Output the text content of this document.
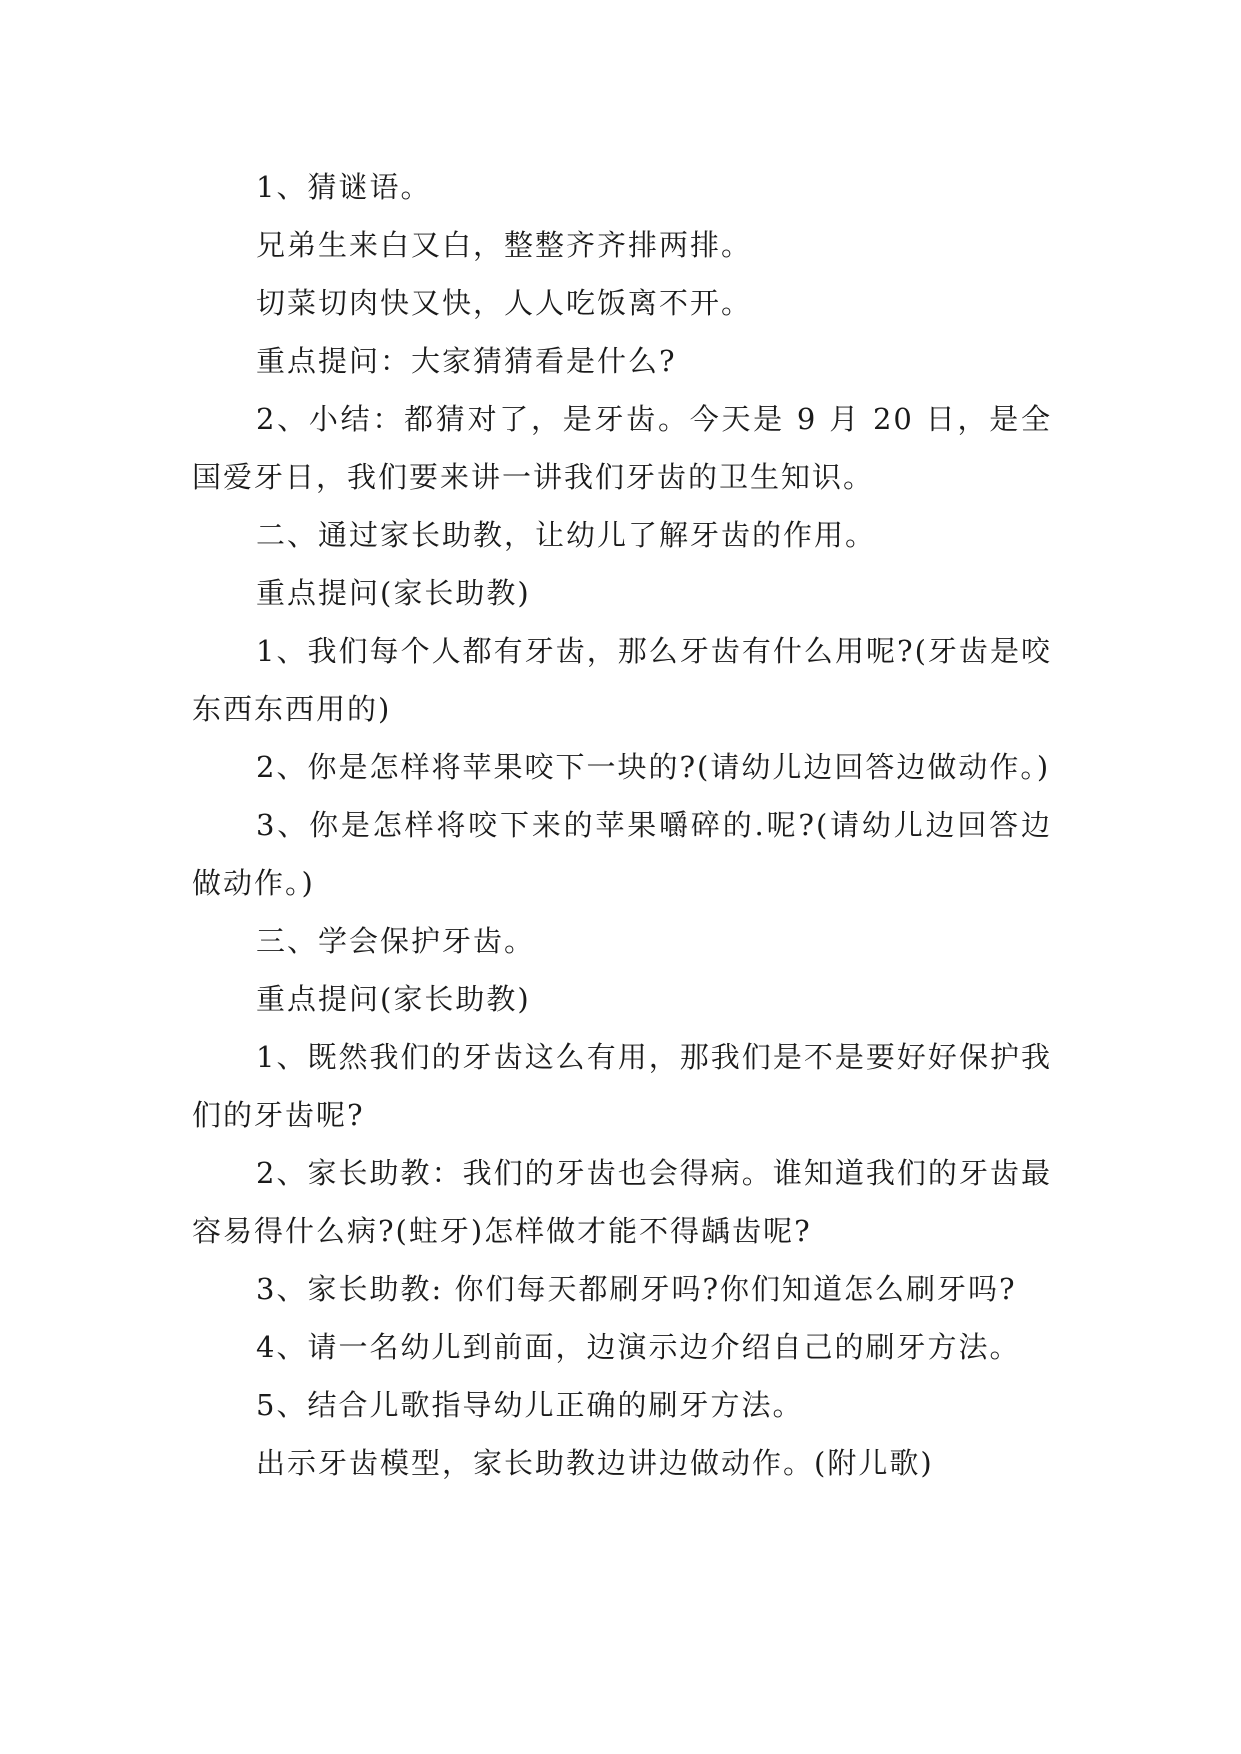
1、猜谜语。

兄弟生来白又白，整整齐齐排两排。

切菜切肉快又快，人人吃饭离不开。

重点提问：大家猜猜看是什么?

2、小结：都猜对了，是牙齿。今天是 9 月 20 日，是全国爱牙日，我们要来讲一讲我们牙齿的卫生知识。

二、通过家长助教，让幼儿了解牙齿的作用。

重点提问(家长助教)

1、我们每个人都有牙齿，那么牙齿有什么用呢?(牙齿是咬东西东西用的)

2、你是怎样将苹果咬下一块的?(请幼儿边回答边做动作。)

3、你是怎样将咬下来的苹果嚼碎的.呢?(请幼儿边回答边做动作。)

三、学会保护牙齿。

重点提问(家长助教)

1、既然我们的牙齿这么有用，那我们是不是要好好保护我们的牙齿呢?

2、家长助教：我们的牙齿也会得病。谁知道我们的牙齿最容易得什么病?(蛀牙)怎样做才能不得龋齿呢?

3、家长助教: 你们每天都刷牙吗?你们知道怎么刷牙吗?

4、请一名幼儿到前面，边演示边介绍自己的刷牙方法。

5、结合儿歌指导幼儿正确的刷牙方法。

出示牙齿模型，家长助教边讲边做动作。(附儿歌)
